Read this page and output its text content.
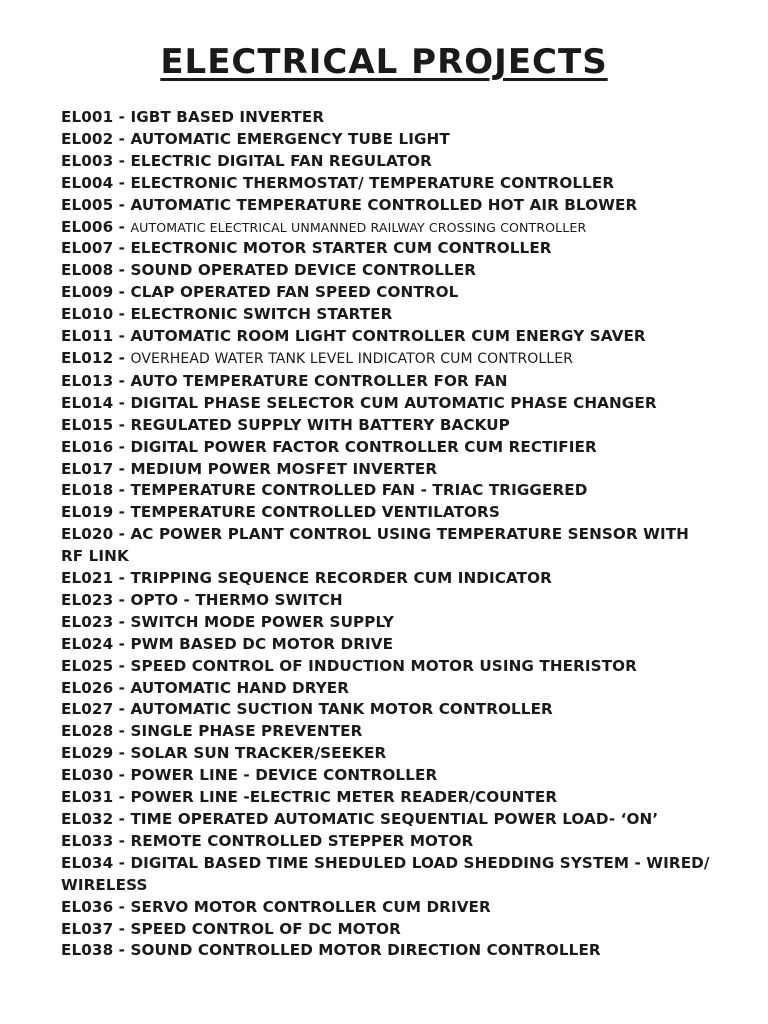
ELECTRICAL PROJECTS
EL001 - IGBT BASED INVERTER
EL002 - AUTOMATIC EMERGENCY TUBE LIGHT
EL003 - ELECTRIC DIGITAL FAN REGULATOR
EL004 - ELECTRONIC THERMOSTAT/ TEMPERATURE CONTROLLER
EL005 - AUTOMATIC TEMPERATURE CONTROLLED HOT AIR BLOWER
EL006 - AUTOMATIC ELECTRICAL UNMANNED RAILWAY CROSSING CONTROLLER
EL007 - ELECTRONIC MOTOR STARTER CUM CONTROLLER
EL008 - SOUND OPERATED DEVICE CONTROLLER
EL009 - CLAP OPERATED FAN SPEED CONTROL
EL010 - ELECTRONIC SWITCH STARTER
EL011 - AUTOMATIC ROOM LIGHT CONTROLLER CUM ENERGY SAVER
EL012 - OVERHEAD WATER TANK LEVEL INDICATOR CUM CONTROLLER
EL013 - AUTO TEMPERATURE CONTROLLER FOR FAN
EL014 - DIGITAL PHASE SELECTOR CUM AUTOMATIC PHASE CHANGER
EL015 - REGULATED SUPPLY WITH BATTERY BACKUP
EL016 - DIGITAL POWER FACTOR CONTROLLER CUM RECTIFIER
EL017 - MEDIUM POWER MOSFET INVERTER
EL018 - TEMPERATURE CONTROLLED FAN - TRIAC TRIGGERED
EL019 - TEMPERATURE CONTROLLED VENTILATORS
EL020 - AC POWER PLANT CONTROL USING TEMPERATURE SENSOR WITH RF LINK
EL021 - TRIPPING SEQUENCE RECORDER CUM INDICATOR
EL023 - OPTO - THERMO SWITCH
EL023 - SWITCH MODE POWER SUPPLY
EL024 - PWM BASED DC MOTOR DRIVE
EL025 - SPEED CONTROL OF INDUCTION MOTOR USING THERISTOR
EL026 - AUTOMATIC HAND DRYER
EL027 - AUTOMATIC SUCTION TANK MOTOR CONTROLLER
EL028 - SINGLE PHASE PREVENTER
EL029 - SOLAR SUN TRACKER/SEEKER
EL030 - POWER LINE - DEVICE CONTROLLER
EL031 - POWER LINE -ELECTRIC METER READER/COUNTER
EL032 - TIME OPERATED AUTOMATIC SEQUENTIAL POWER LOAD- ‘ON’
EL033 - REMOTE CONTROLLED STEPPER MOTOR
EL034 - DIGITAL BASED TIME SHEDULED LOAD SHEDDING SYSTEM - WIRED/ WIRELESS
EL036 - SERVO MOTOR CONTROLLER CUM DRIVER
EL037 - SPEED CONTROL OF DC MOTOR
EL038 - SOUND CONTROLLED MOTOR DIRECTION CONTROLLER
